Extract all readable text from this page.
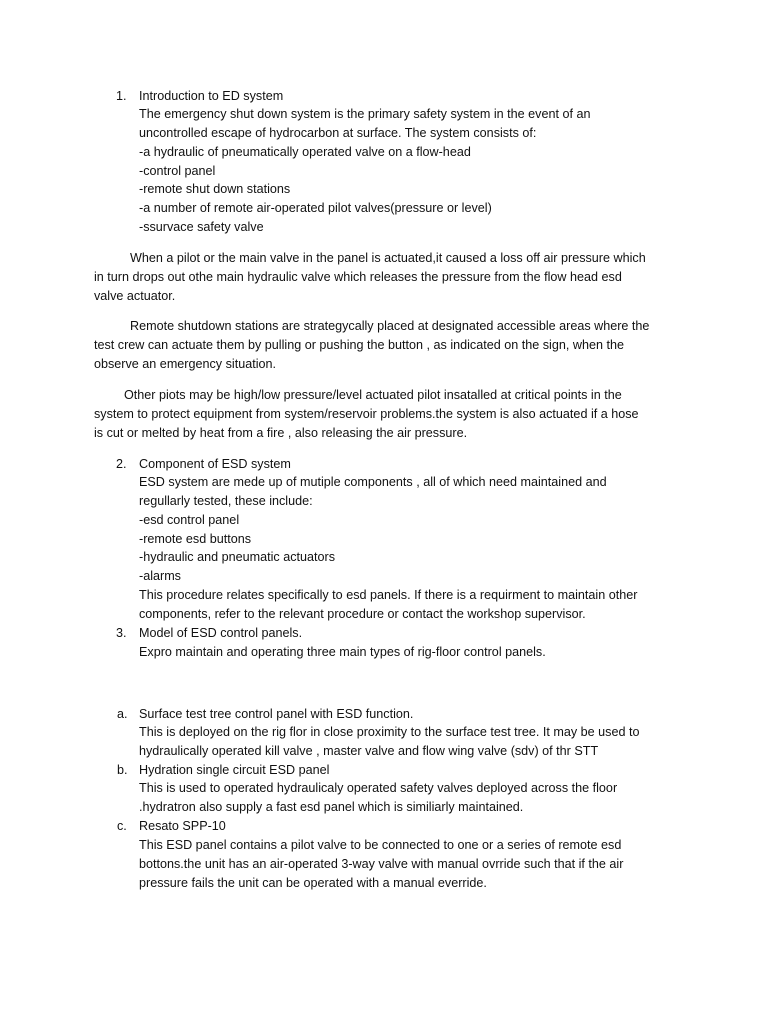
1. Introduction to ED system
The emergency shut down system is the primary safety system in the event of an
uncontrolled escape of hydrocarbon at surface. The system consists of:
-a hydraulic of pneumatically operated valve on a flow-head
-control panel
-remote shut down stations
-a number of remote air-operated pilot valves(pressure or level)
-ssurvace safety valve
When a pilot or the main valve in the panel is actuated,it caused a loss off air pressure which
in turn drops out othe main hydraulic valve which releases the pressure from the flow head esd
valve actuator.
Remote shutdown stations are strategycally placed at designated accessible areas where the
test crew can actuate them by pulling or pushing the button , as indicated on the sign, when the
observe an emergency situation.
Other piots may be high/low pressure/level actuated pilot insatalled at critical points in the
system to protect equipment from system/reservoir problems.the system is also actuated if a hose
is cut or melted by heat from a fire , also releasing the air pressure.
2. Component of ESD system
ESD system are mede up of mutiple components , all of which need maintained and
regullarly tested, these include:
-esd control panel
-remote esd buttons
-hydraulic and pneumatic actuators
-alarms
This procedure relates specifically to esd panels. If there is a requirment to maintain other
components, refer to the relevant procedure or contact the workshop supervisor.
3. Model of ESD control panels.
Expro maintain and operating three main types of rig-floor control panels.
a. Surface test tree control panel with ESD function.
This is deployed on the rig flor in close proximity to the surface test tree. It may be used to
hydraulically operated kill valve , master valve and flow wing valve (sdv) of thr STT
b. Hydration single circuit ESD panel
This is used to operated hydraulicaly operated safety valves deployed across the floor
.hydratron also supply a fast esd panel which is similiarly maintained.
c. Resato SPP-10
This ESD panel contains a pilot valve to be connected to one or a series of remote esd
bottons.the unit has an air-operated 3-way valve with manual ovrride such that if the air
pressure fails the unit can be operated with a manual everride.
